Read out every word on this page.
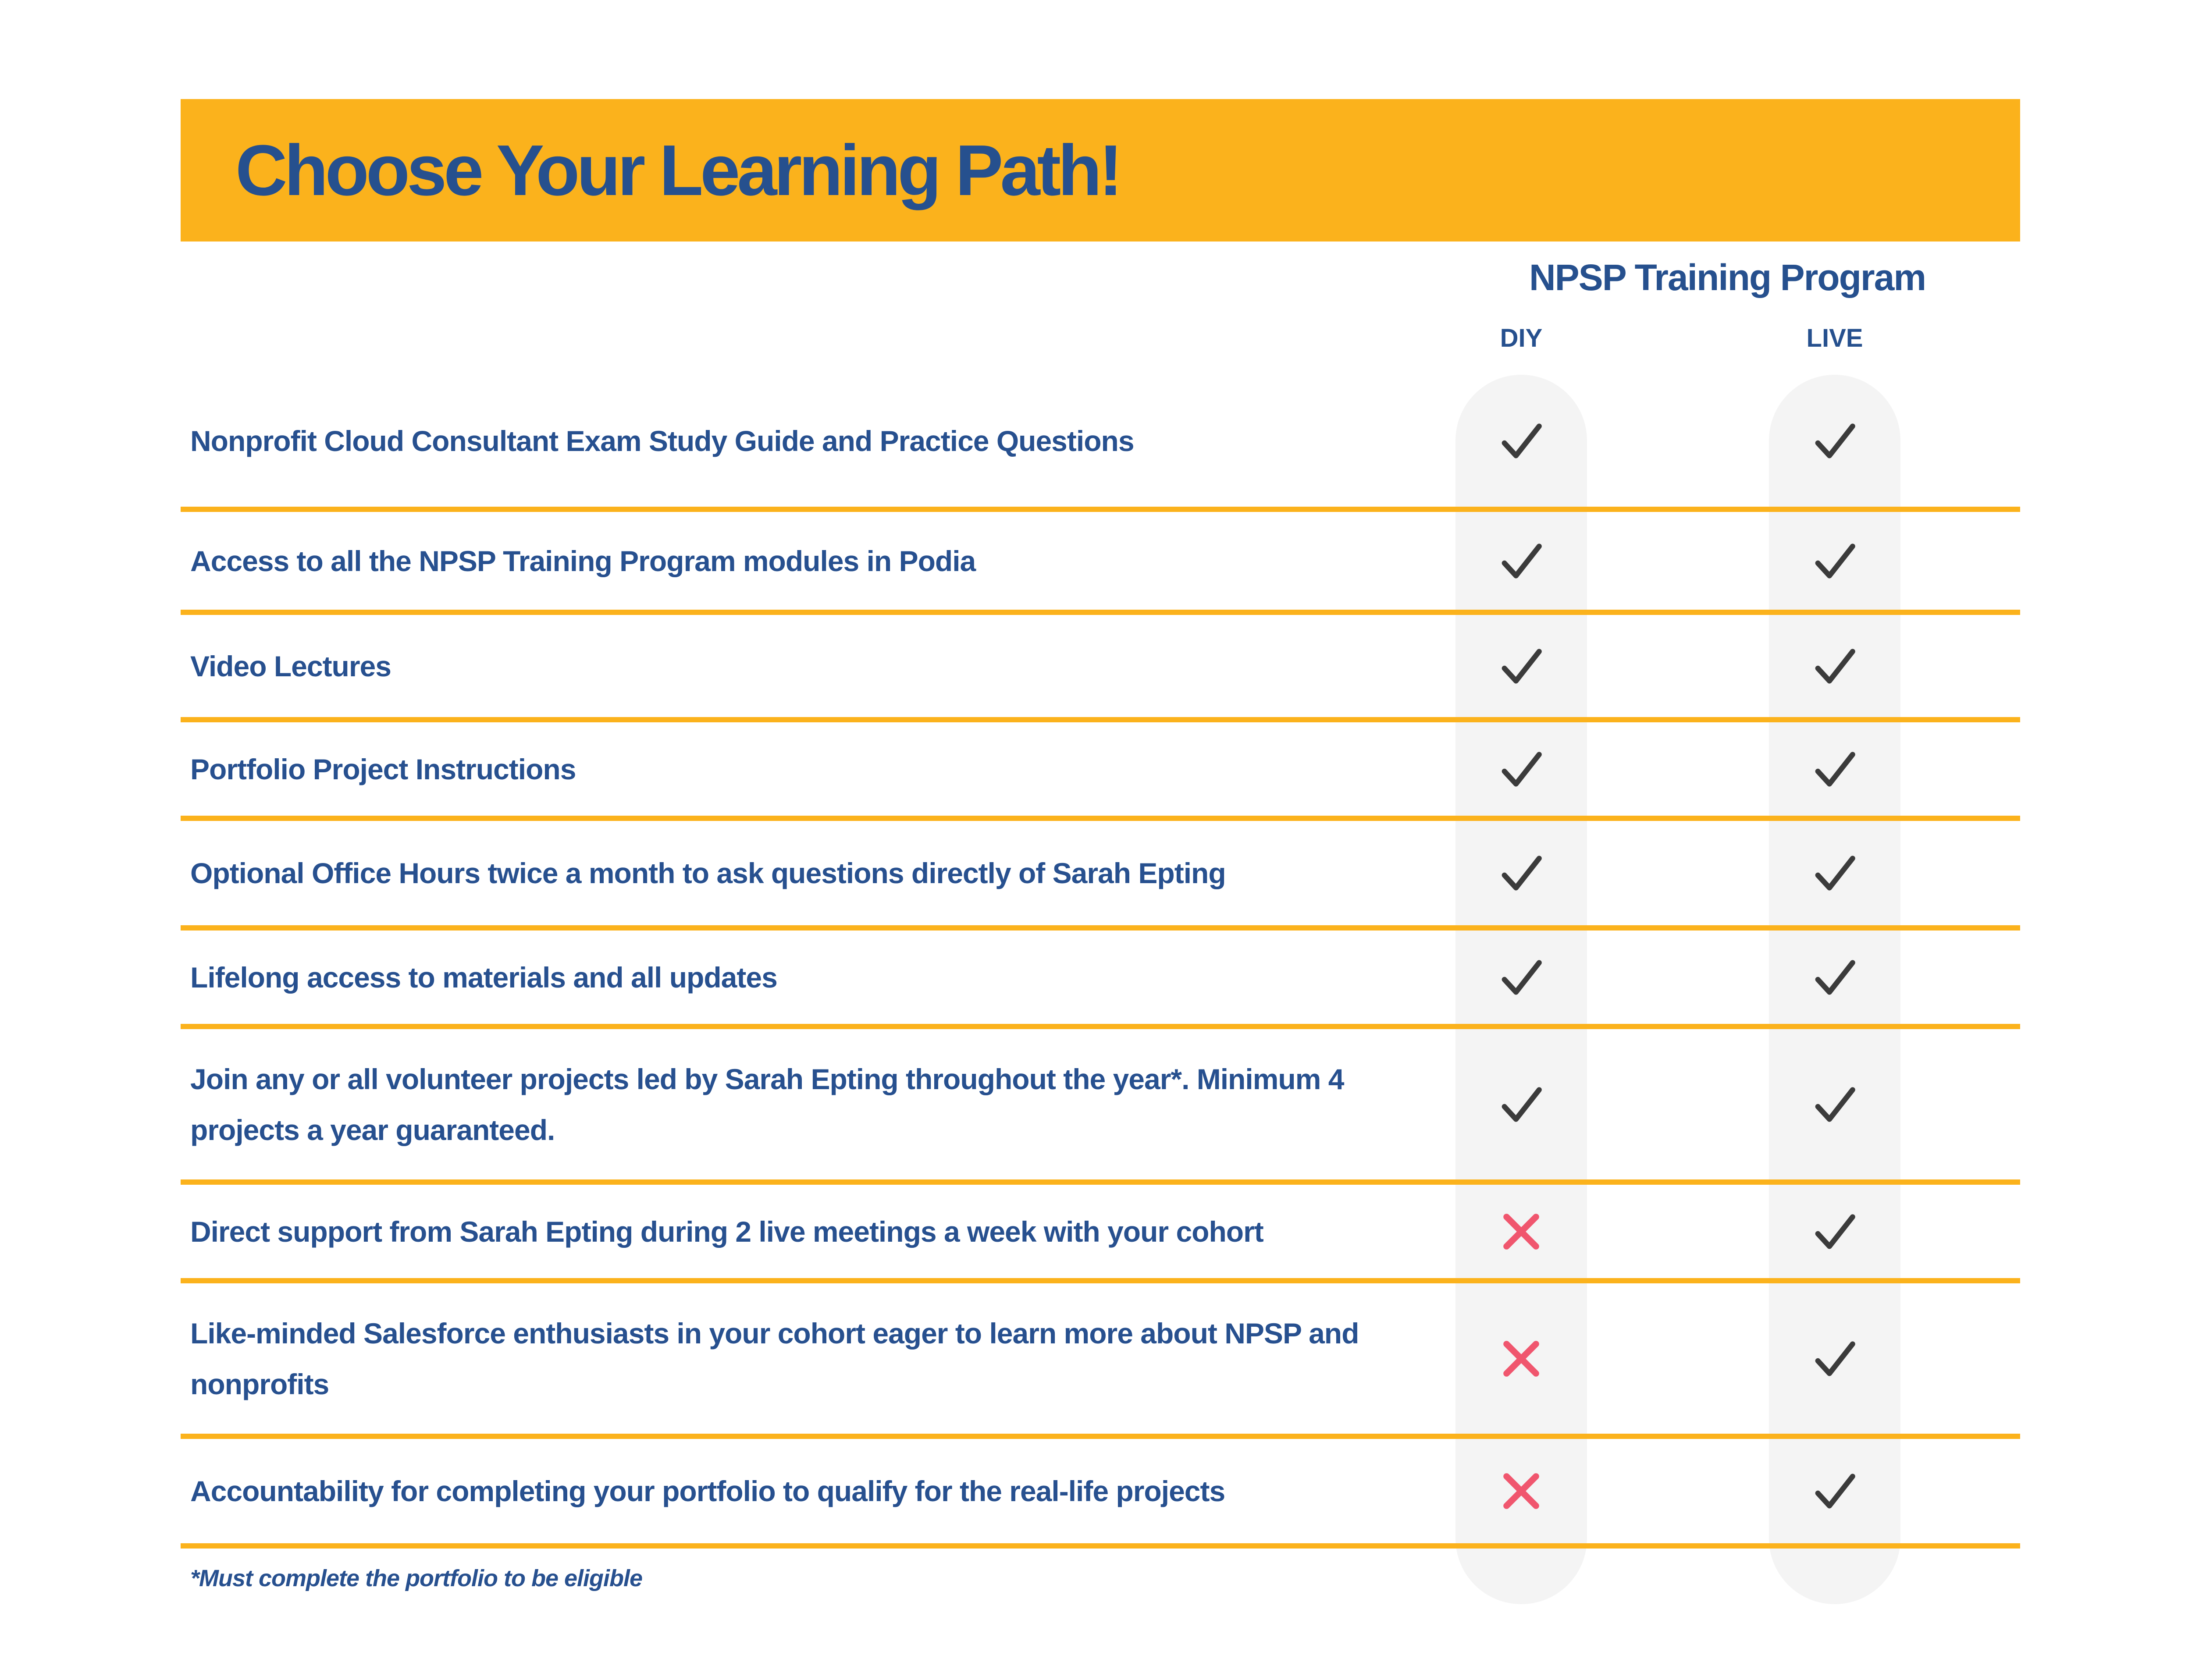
Choose Your Learning Path!
NPSP Training Program
DIY	LIVE
Nonprofit Cloud Consultant Exam Study Guide and Practice Questions
Access to all the NPSP Training Program modules in Podia
Video Lectures
Portfolio Project Instructions
Optional Office Hours twice a month to ask questions directly of Sarah Epting
Lifelong access to materials and all updates
Join any or all volunteer projects led by Sarah Epting throughout the year*. Minimum 4 projects a year guaranteed.
Direct support from Sarah Epting during 2 live meetings a week with your cohort
Like-minded Salesforce enthusiasts in your cohort eager to learn more about NPSP and nonprofits
Accountability for completing your portfolio to qualify for the real-life projects

*Must complete the portfolio to be eligible
